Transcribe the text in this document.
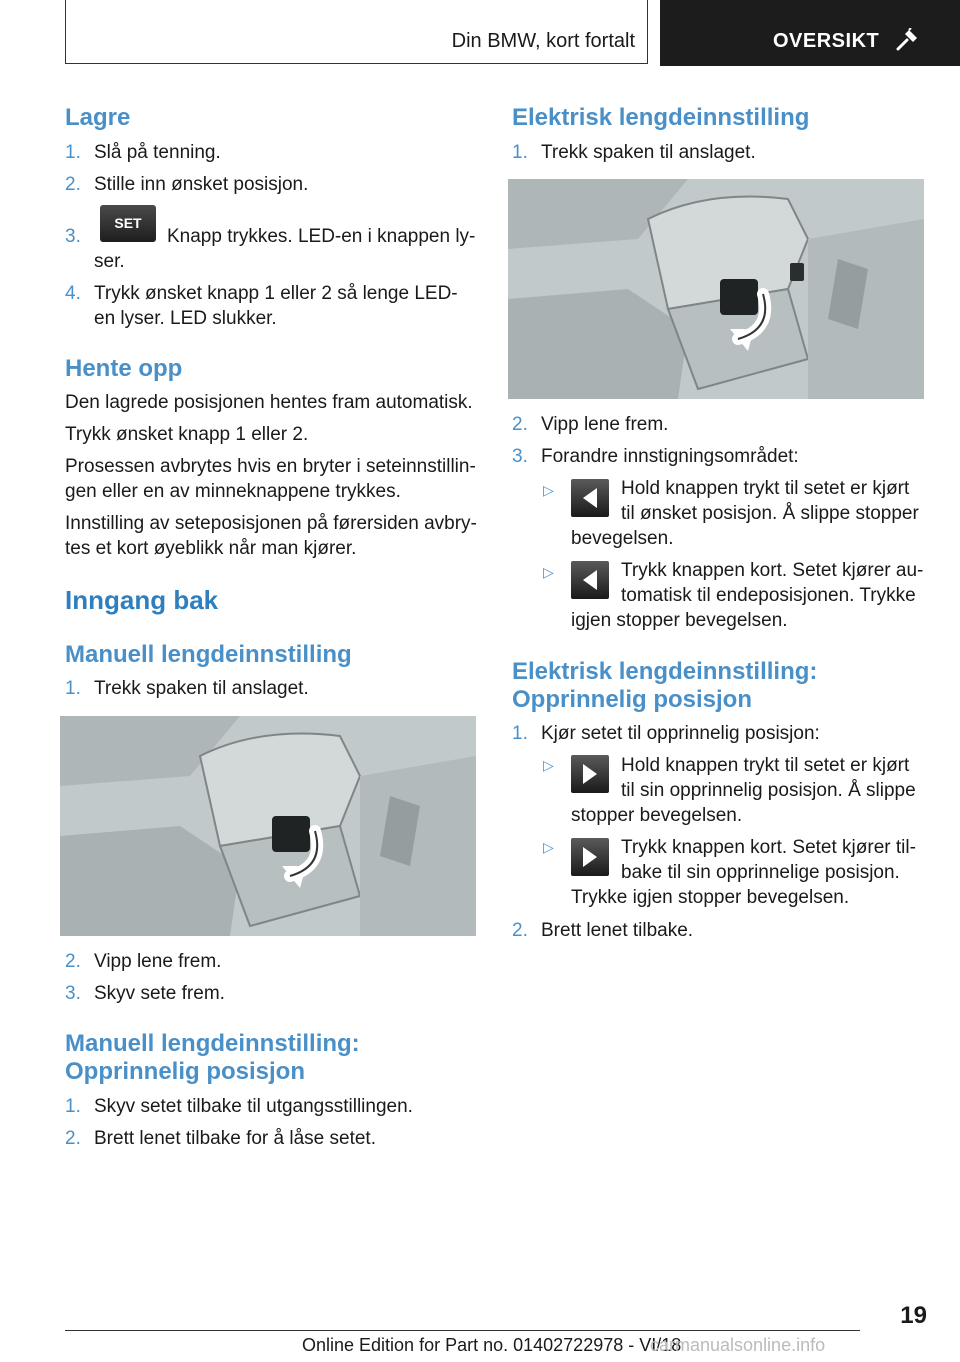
Din BMW, kort fortalt	OVERSIKT
Lagre
1. Slå på tenning.
2. Stille inn ønsket posisjon.
3.
SET
Knapp trykkes. LED-en i knappen ly-
ser.
4. Trykk ønsket knapp 1 eller 2 så lenge LED-
en lyser. LED slukker.
Hente opp
Den lagrede posisjonen hentes fram automatisk.
Trykk ønsket knapp 1 eller 2.
Prosessen avbrytes hvis en bryter i seteinnstillin-
gen eller en av minneknappene trykkes.
Innstilling av seteposisjonen på førersiden avbry-
tes et kort øyeblikk når man kjører.
Inngang bak
Manuell lengdeinnstilling
1. Trekk spaken til anslaget.
2. Vipp lene frem.
3. Skyv sete frem.
Manuell lengdeinnstilling:
Opprinnelig posisjon
1. Skyv setet tilbake til utgangsstillingen.
2. Brett lenet tilbake for å låse setet.
Elektrisk lengdeinnstilling
1. Trekk spaken til anslaget.
2. Vipp lene frem.
3. Forandre innstigningsområdet:
▷	Hold knappen trykt til setet er kjørt
til ønsket posisjon. Å slippe stopper
bevegelsen.
▷	Trykk knappen kort. Setet kjører au-
tomatisk til endeposisjonen. Trykke
igjen stopper bevegelsen.
Elektrisk lengdeinnstilling:
Opprinnelig posisjon
1. Kjør setet til opprinnelig posisjon:
▷	Hold knappen trykt til setet er kjørt
til sin opprinnelig posisjon. Å slippe
stopper bevegelsen.
▷	Trykk knappen kort. Setet kjører til-
bake til sin opprinnelige posisjon.
Trykke igjen stopper bevegelsen.
2. Brett lenet tilbake.
19
Online Edition for Part no. 01402722978 - VI/18
carmanualsonline.info
